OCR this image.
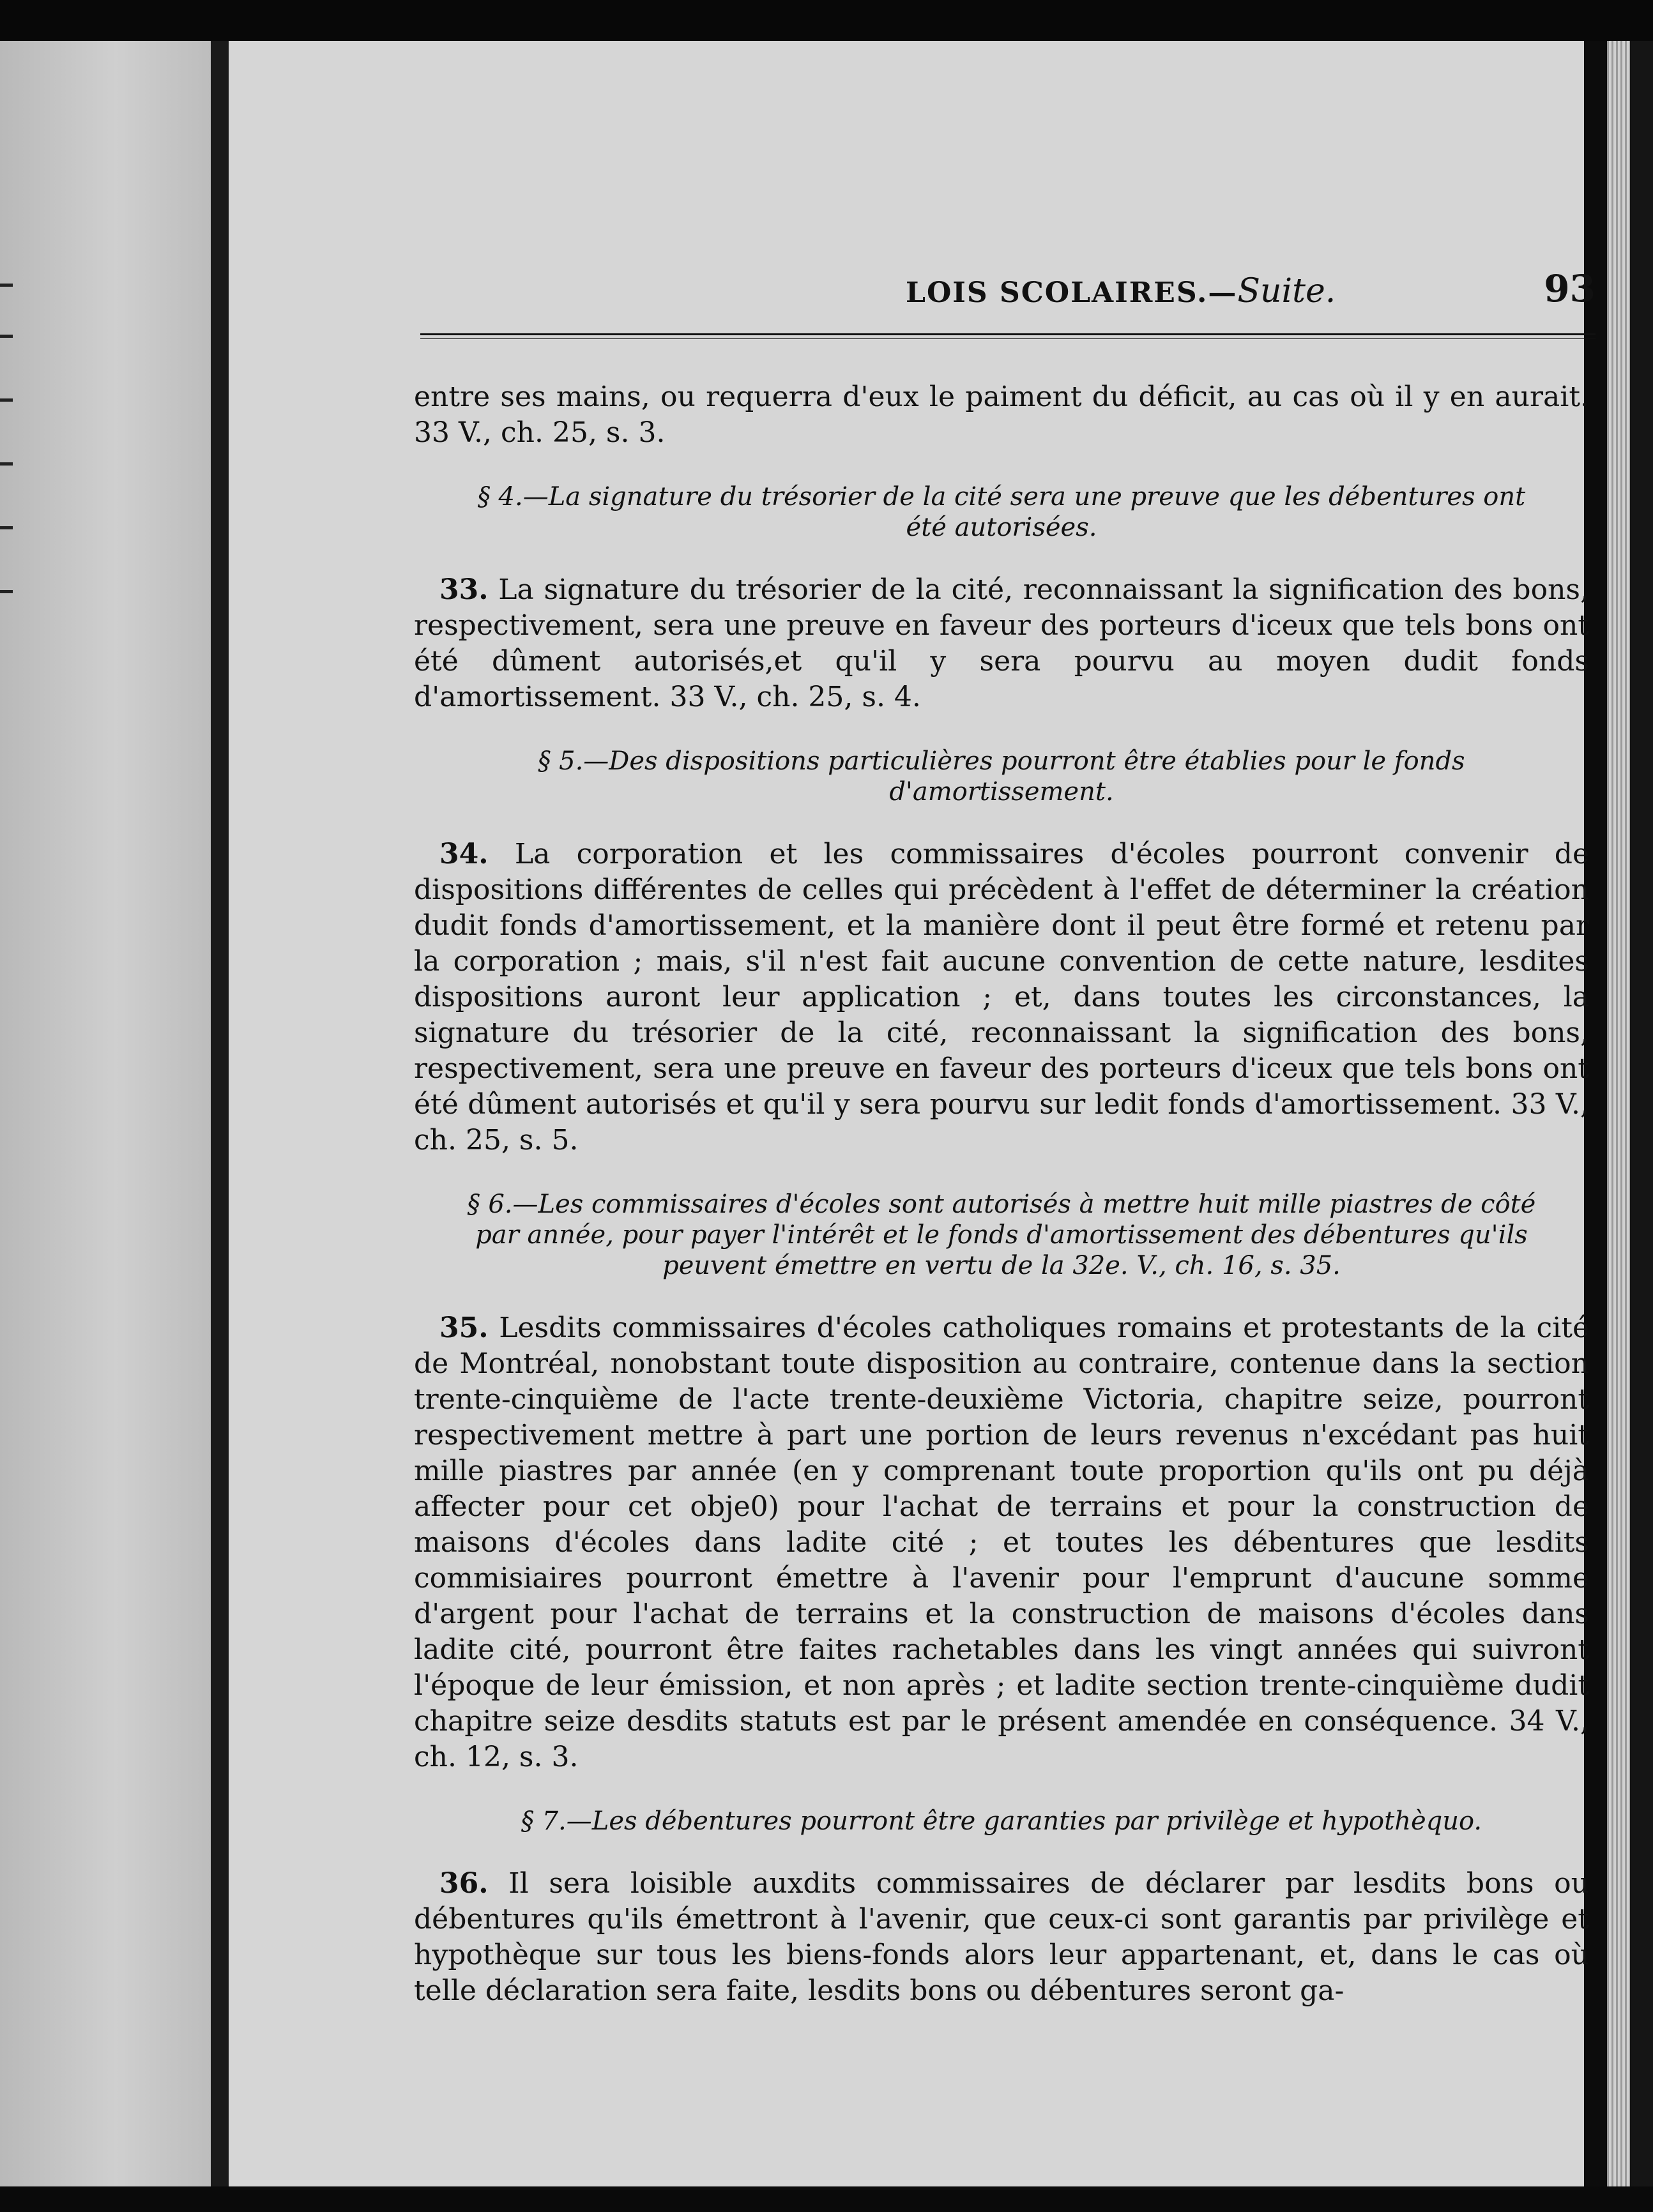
LOIS SCOLAIRES.—Suite.	93

entre ses mains, ou requerra d'eux le paiment du déficit, au cas où il y en aurait. 33 V., ch. 25, s. 3.

§ 4.—La signature du trésorier de la cité sera une preuve que les débentures ont été autorisées.

33. La signature du trésorier de la cité, reconnaissant la signification des bons, respectivement, sera une preuve en faveur des porteurs d'iceux que tels bons ont été dûment autorisés,et qu'il y sera pourvu au moyen dudit fonds d'amortissement. 33 V., ch. 25, s. 4.

§ 5.—Des dispositions particulières pourront être établies pour le fonds d'amortissement.

34. La corporation et les commissaires d'écoles pourront convenir de dispositions différentes de celles qui précèdent à l'effet de déterminer la création dudit fonds d'amortissement, et la manière dont il peut être formé et retenu par la corporation ; mais, s'il n'est fait aucune convention de cette nature, lesdites dispositions auront leur application ; et, dans toutes les circonstances, la signature du trésorier de la cité, reconnaissant la signification des bons, respectivement, sera une preuve en faveur des porteurs d'iceux que tels bons ont été dûment autorisés et qu'il y sera pourvu sur ledit fonds d'amortissement. 33 V., ch. 25, s. 5.

§ 6.—Les commissaires d'écoles sont autorisés à mettre huit mille piastres de côté par année, pour payer l'intérêt et le fonds d'amortissement des débentures qu'ils peuvent émettre en vertu de la 32e. V., ch. 16, s. 35.

35. Lesdits commissaires d'écoles catholiques romains et protestants de la cité de Montréal, nonobstant toute disposition au contraire, contenue dans la section trente-cinquième de l'acte trente-deuxième Victoria, chapitre seize, pourront respectivement mettre à part une portion de leurs revenus n'excédant pas huit mille piastres par année (en y comprenant toute proportion qu'ils ont pu déjà affecter pour cet obje0) pour l'achat de terrains et pour la construction de maisons d'écoles dans ladite cité ; et toutes les débentures que lesdits commisiaires pourront émettre à l'avenir pour l'emprunt d'aucune somme d'argent pour l'achat de terrains et la construction de maisons d'écoles dans ladite cité, pourront être faites rachetables dans les vingt années qui suivront l'époque de leur émission, et non après ; et ladite section trente-cinquième dudit chapitre seize desdits statuts est par le présent amendée en conséquence. 34 V., ch. 12, s. 3.

§ 7.—Les débentures pourront être garanties par privilège et hypothèquo.

36. Il sera loisible auxdits commissaires de déclarer par lesdits bons ou débentures qu'ils émettront à l'avenir, que ceux-ci sont garantis par privilège et hypothèque sur tous les biens-fonds alors leur appartenant, et, dans le cas où telle déclaration sera faite, lesdits bons ou débentures seront ga-
